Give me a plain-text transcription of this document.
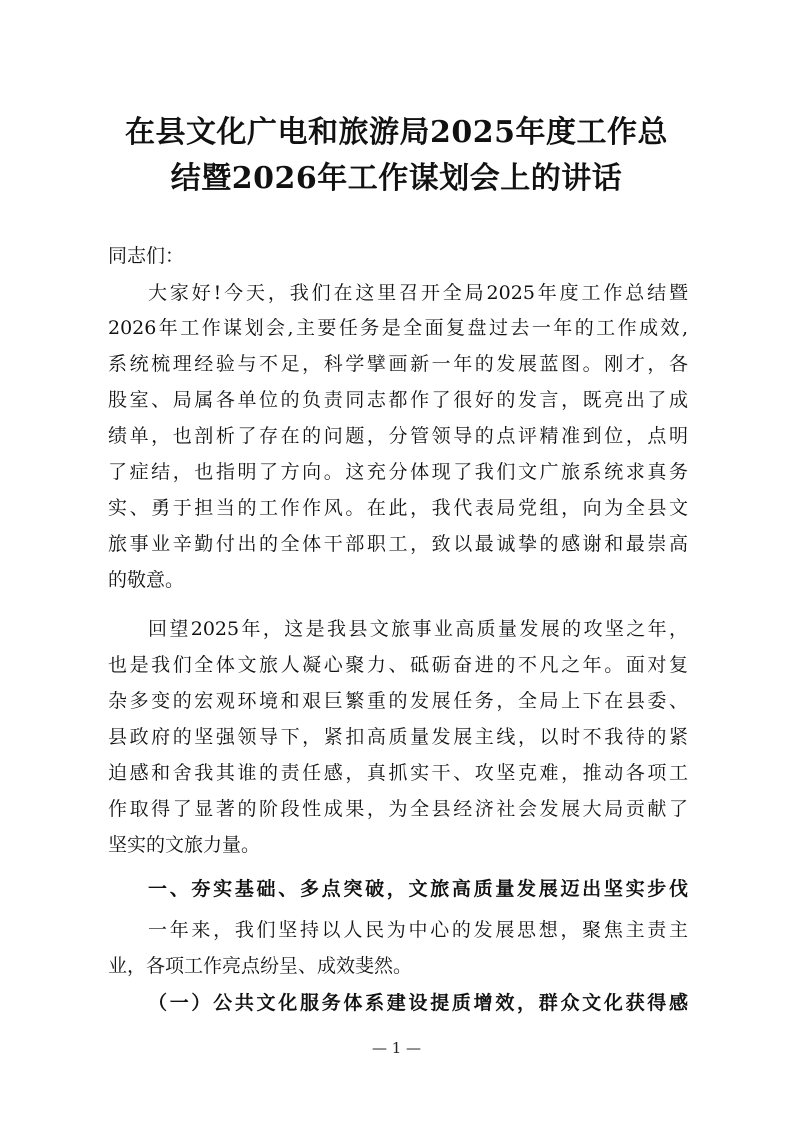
在县文化广电和旅游局2025年度工作总
结暨2026年工作谋划会上的讲话
同志们：
大家好!今天，我们在这里召开全局2025年度工作总结暨
2026年工作谋划会,主要任务是全面复盘过去一年的工作成效,
系统梳理经验与不足，科学擘画新一年的发展蓝图。刚才，各
股室、局属各单位的负责同志都作了很好的发言，既亮出了成
绩单，也剖析了存在的问题，分管领导的点评精准到位，点明
了症结，也指明了方向。这充分体现了我们文广旅系统求真务
实、勇于担当的工作作风。在此，我代表局党组，向为全县文
旅事业辛勤付出的全体干部职工，致以最诚挚的感谢和最崇高
的敬意。
回望2025年，这是我县文旅事业高质量发展的攻坚之年，
也是我们全体文旅人凝心聚力、砥砺奋进的不凡之年。面对复
杂多变的宏观环境和艰巨繁重的发展任务，全局上下在县委、
县政府的坚强领导下，紧扣高质量发展主线，以时不我待的紧
迫感和舍我其谁的责任感，真抓实干、攻坚克难，推动各项工
作取得了显著的阶段性成果，为全县经济社会发展大局贡献了
坚实的文旅力量。
一、夯实基础、多点突破，文旅高质量发展迈出坚实步伐
一年来，我们坚持以人民为中心的发展思想，聚焦主责主
业，各项工作亮点纷呈、成效斐然。
（一）公共文化服务体系建设提质增效，群众文化获得感
— 1 —
